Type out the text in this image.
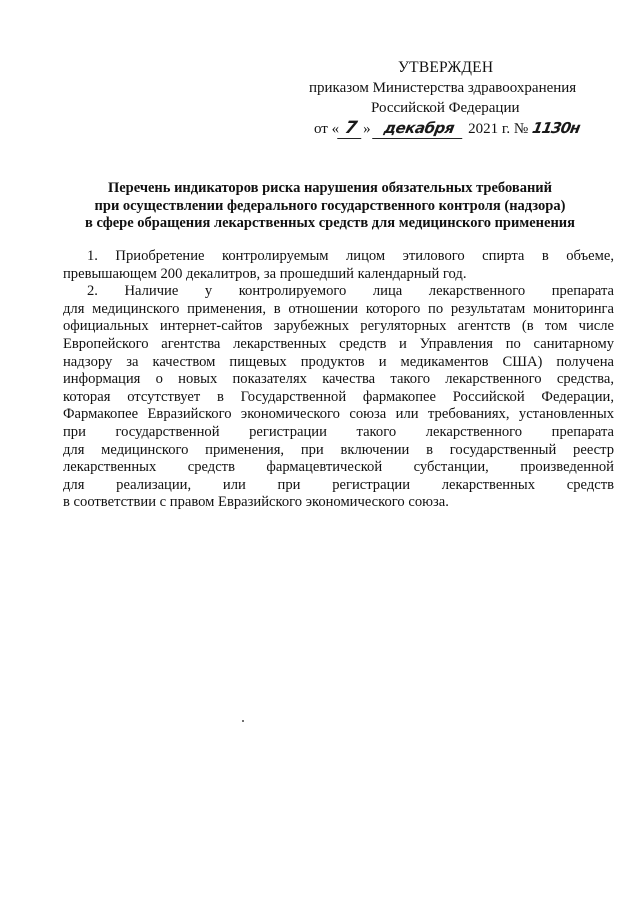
УТВЕРЖДЕН
приказом Министерства здравоохранения
Российской Федерации
от « 7 » декабря 2021 г. № 1130н
Перечень индикаторов риска нарушения обязательных требований
при осуществлении федерального государственного контроля (надзора)
в сфере обращения лекарственных средств для медицинского применения
1. Приобретение контролируемым лицом этилового спирта в объеме,
превышающем 200 декалитров, за прошедший календарный год.
2. Наличие у контролируемого лица лекарственного препарата
для медицинского применения, в отношении которого по результатам мониторинга
официальных интернет-сайтов зарубежных регуляторных агентств (в том числе
Европейского агентства лекарственных средств и Управления по санитарному
надзору за качеством пищевых продуктов и медикаментов США) получена
информация о новых показателях качества такого лекарственного средства,
которая отсутствует в Государственной фармакопее Российской Федерации,
Фармакопее Евразийского экономического союза или требованиях, установленных
при государственной регистрации такого лекарственного препарата
для медицинского применения, при включении в государственный реестр
лекарственных средств фармацевтической субстанции, произведенной
для реализации, или при регистрации лекарственных средств
в соответствии с правом Евразийского экономического союза.
